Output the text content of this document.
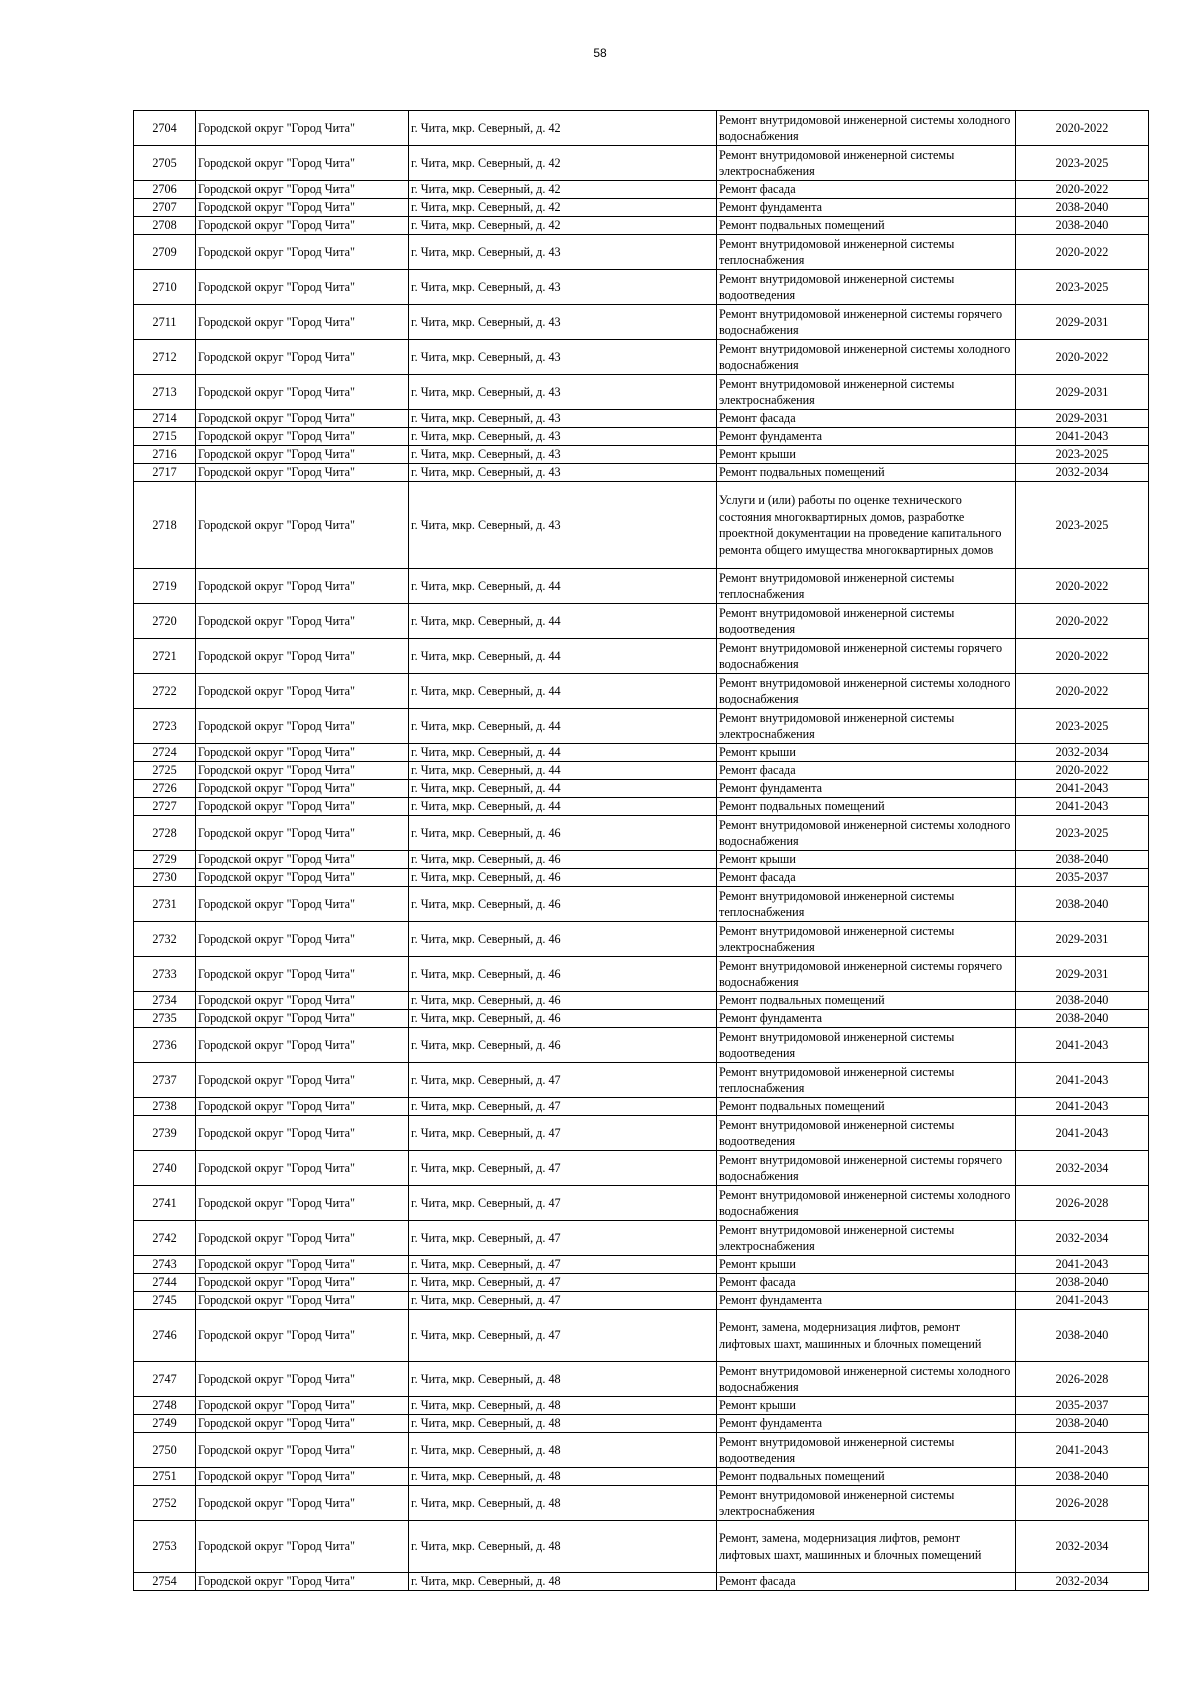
58
2704	Городской округ "Город Чита"	г. Чита, мкр. Северный, д. 42	Ремонт внутридомовой инженерной системы холодного водоснабжения	2020-2022
2705	Городской округ "Город Чита"	г. Чита, мкр. Северный, д. 42	Ремонт внутридомовой инженерной системы электроснабжения	2023-2025
2706	Городской округ "Город Чита"	г. Чита, мкр. Северный, д. 42	Ремонт фасада	2020-2022
2707	Городской округ "Город Чита"	г. Чита, мкр. Северный, д. 42	Ремонт фундамента	2038-2040
2708	Городской округ "Город Чита"	г. Чита, мкр. Северный, д. 42	Ремонт подвальных помещений	2038-2040
2709	Городской округ "Город Чита"	г. Чита, мкр. Северный, д. 43	Ремонт внутридомовой инженерной системы теплоснабжения	2020-2022
2710	Городской округ "Город Чита"	г. Чита, мкр. Северный, д. 43	Ремонт внутридомовой инженерной системы водоотведения	2023-2025
2711	Городской округ "Город Чита"	г. Чита, мкр. Северный, д. 43	Ремонт внутридомовой инженерной системы горячего водоснабжения	2029-2031
2712	Городской округ "Город Чита"	г. Чита, мкр. Северный, д. 43	Ремонт внутридомовой инженерной системы холодного водоснабжения	2020-2022
2713	Городской округ "Город Чита"	г. Чита, мкр. Северный, д. 43	Ремонт внутридомовой инженерной системы электроснабжения	2029-2031
2714	Городской округ "Город Чита"	г. Чита, мкр. Северный, д. 43	Ремонт фасада	2029-2031
2715	Городской округ "Город Чита"	г. Чита, мкр. Северный, д. 43	Ремонт фундамента	2041-2043
2716	Городской округ "Город Чита"	г. Чита, мкр. Северный, д. 43	Ремонт крыши	2023-2025
2717	Городской округ "Город Чита"	г. Чита, мкр. Северный, д. 43	Ремонт подвальных помещений	2032-2034
2718	Городской округ "Город Чита"	г. Чита, мкр. Северный, д. 43	Услуги и (или) работы по оценке технического состояния многоквартирных домов, разработке проектной документации на проведение капитального ремонта общего имущества многоквартирных домов	2023-2025
2719	Городской округ "Город Чита"	г. Чита, мкр. Северный, д. 44	Ремонт внутридомовой инженерной системы теплоснабжения	2020-2022
2720	Городской округ "Город Чита"	г. Чита, мкр. Северный, д. 44	Ремонт внутридомовой инженерной системы водоотведения	2020-2022
2721	Городской округ "Город Чита"	г. Чита, мкр. Северный, д. 44	Ремонт внутридомовой инженерной системы горячего водоснабжения	2020-2022
2722	Городской округ "Город Чита"	г. Чита, мкр. Северный, д. 44	Ремонт внутридомовой инженерной системы холодного водоснабжения	2020-2022
2723	Городской округ "Город Чита"	г. Чита, мкр. Северный, д. 44	Ремонт внутридомовой инженерной системы электроснабжения	2023-2025
2724	Городской округ "Город Чита"	г. Чита, мкр. Северный, д. 44	Ремонт крыши	2032-2034
2725	Городской округ "Город Чита"	г. Чита, мкр. Северный, д. 44	Ремонт фасада	2020-2022
2726	Городской округ "Город Чита"	г. Чита, мкр. Северный, д. 44	Ремонт фундамента	2041-2043
2727	Городской округ "Город Чита"	г. Чита, мкр. Северный, д. 44	Ремонт подвальных помещений	2041-2043
2728	Городской округ "Город Чита"	г. Чита, мкр. Северный, д. 46	Ремонт внутридомовой инженерной системы холодного водоснабжения	2023-2025
2729	Городской округ "Город Чита"	г. Чита, мкр. Северный, д. 46	Ремонт крыши	2038-2040
2730	Городской округ "Город Чита"	г. Чита, мкр. Северный, д. 46	Ремонт фасада	2035-2037
2731	Городской округ "Город Чита"	г. Чита, мкр. Северный, д. 46	Ремонт внутридомовой инженерной системы теплоснабжения	2038-2040
2732	Городской округ "Город Чита"	г. Чита, мкр. Северный, д. 46	Ремонт внутридомовой инженерной системы электроснабжения	2029-2031
2733	Городской округ "Город Чита"	г. Чита, мкр. Северный, д. 46	Ремонт внутридомовой инженерной системы горячего водоснабжения	2029-2031
2734	Городской округ "Город Чита"	г. Чита, мкр. Северный, д. 46	Ремонт подвальных помещений	2038-2040
2735	Городской округ "Город Чита"	г. Чита, мкр. Северный, д. 46	Ремонт фундамента	2038-2040
2736	Городской округ "Город Чита"	г. Чита, мкр. Северный, д. 46	Ремонт внутридомовой инженерной системы водоотведения	2041-2043
2737	Городской округ "Город Чита"	г. Чита, мкр. Северный, д. 47	Ремонт внутридомовой инженерной системы теплоснабжения	2041-2043
2738	Городской округ "Город Чита"	г. Чита, мкр. Северный, д. 47	Ремонт подвальных помещений	2041-2043
2739	Городской округ "Город Чита"	г. Чита, мкр. Северный, д. 47	Ремонт внутридомовой инженерной системы водоотведения	2041-2043
2740	Городской округ "Город Чита"	г. Чита, мкр. Северный, д. 47	Ремонт внутридомовой инженерной системы горячего водоснабжения	2032-2034
2741	Городской округ "Город Чита"	г. Чита, мкр. Северный, д. 47	Ремонт внутридомовой инженерной системы холодного водоснабжения	2026-2028
2742	Городской округ "Город Чита"	г. Чита, мкр. Северный, д. 47	Ремонт внутридомовой инженерной системы электроснабжения	2032-2034
2743	Городской округ "Город Чита"	г. Чита, мкр. Северный, д. 47	Ремонт крыши	2041-2043
2744	Городской округ "Город Чита"	г. Чита, мкр. Северный, д. 47	Ремонт фасада	2038-2040
2745	Городской округ "Город Чита"	г. Чита, мкр. Северный, д. 47	Ремонт фундамента	2041-2043
2746	Городской округ "Город Чита"	г. Чита, мкр. Северный, д. 47	Ремонт, замена, модернизация лифтов, ремонт лифтовых шахт, машинных и блочных помещений	2038-2040
2747	Городской округ "Город Чита"	г. Чита, мкр. Северный, д. 48	Ремонт внутридомовой инженерной системы холодного водоснабжения	2026-2028
2748	Городской округ "Город Чита"	г. Чита, мкр. Северный, д. 48	Ремонт крыши	2035-2037
2749	Городской округ "Город Чита"	г. Чита, мкр. Северный, д. 48	Ремонт фундамента	2038-2040
2750	Городской округ "Город Чита"	г. Чита, мкр. Северный, д. 48	Ремонт внутридомовой инженерной системы водоотведения	2041-2043
2751	Городской округ "Город Чита"	г. Чита, мкр. Северный, д. 48	Ремонт подвальных помещений	2038-2040
2752	Городской округ "Город Чита"	г. Чита, мкр. Северный, д. 48	Ремонт внутридомовой инженерной системы электроснабжения	2026-2028
2753	Городской округ "Город Чита"	г. Чита, мкр. Северный, д. 48	Ремонт, замена, модернизация лифтов, ремонт лифтовых шахт, машинных и блочных помещений	2032-2034
2754	Городской округ "Город Чита"	г. Чита, мкр. Северный, д. 48	Ремонт фасада	2032-2034
